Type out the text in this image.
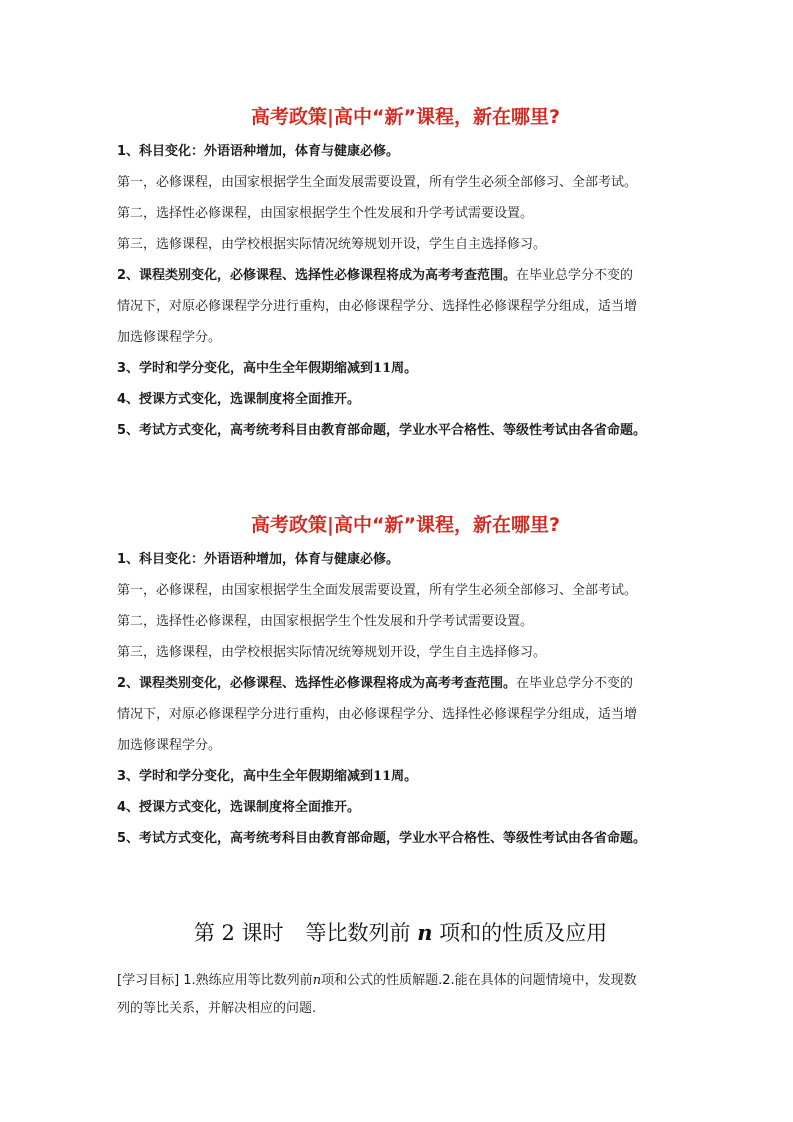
高考政策|高中“新”课程，新在哪里?

1、科目变化：外语语种增加，体育与健康必修。

第一，必修课程，由国家根据学生全面发展需要设置，所有学生必须全部修习、全部考试。

第二，选择性必修课程，由国家根据学生个性发展和升学考试需要设置。

第三，选修课程，由学校根据实际情况统筹规划开设，学生自主选择修习。

2、课程类别变化，必修课程、选择性必修课程将成为高考考查范围。在毕业总学分不变的

情况下，对原必修课程学分进行重构，由必修课程学分、选择性必修课程学分组成，适当增

加选修课程学分。

3、学时和学分变化，高中生全年假期缩减到11周。

4、授课方式变化，选课制度将全面推开。

5、考试方式变化，高考统考科目由教育部命题，学业水平合格性、等级性考试由各省命题。

高考政策|高中“新”课程，新在哪里?

1、科目变化：外语语种增加，体育与健康必修。

第一，必修课程，由国家根据学生全面发展需要设置，所有学生必须全部修习、全部考试。

第二，选择性必修课程，由国家根据学生个性发展和升学考试需要设置。

第三，选修课程，由学校根据实际情况统筹规划开设，学生自主选择修习。

2、课程类别变化，必修课程、选择性必修课程将成为高考考查范围。在毕业总学分不变的

情况下，对原必修课程学分进行重构，由必修课程学分、选择性必修课程学分组成，适当增

加选修课程学分。

3、学时和学分变化，高中生全年假期缩减到11周。

4、授课方式变化，选课制度将全面推开。

5、考试方式变化，高考统考科目由教育部命题，学业水平合格性、等级性考试由各省命题。

第 2 课时 等比数列前 n 项和的性质及应用

[学习目标] 1.熟练应用等比数列前n项和公式的性质解题.2.能在具体的问题情境中，发现数

列的等比关系，并解决相应的问题.
